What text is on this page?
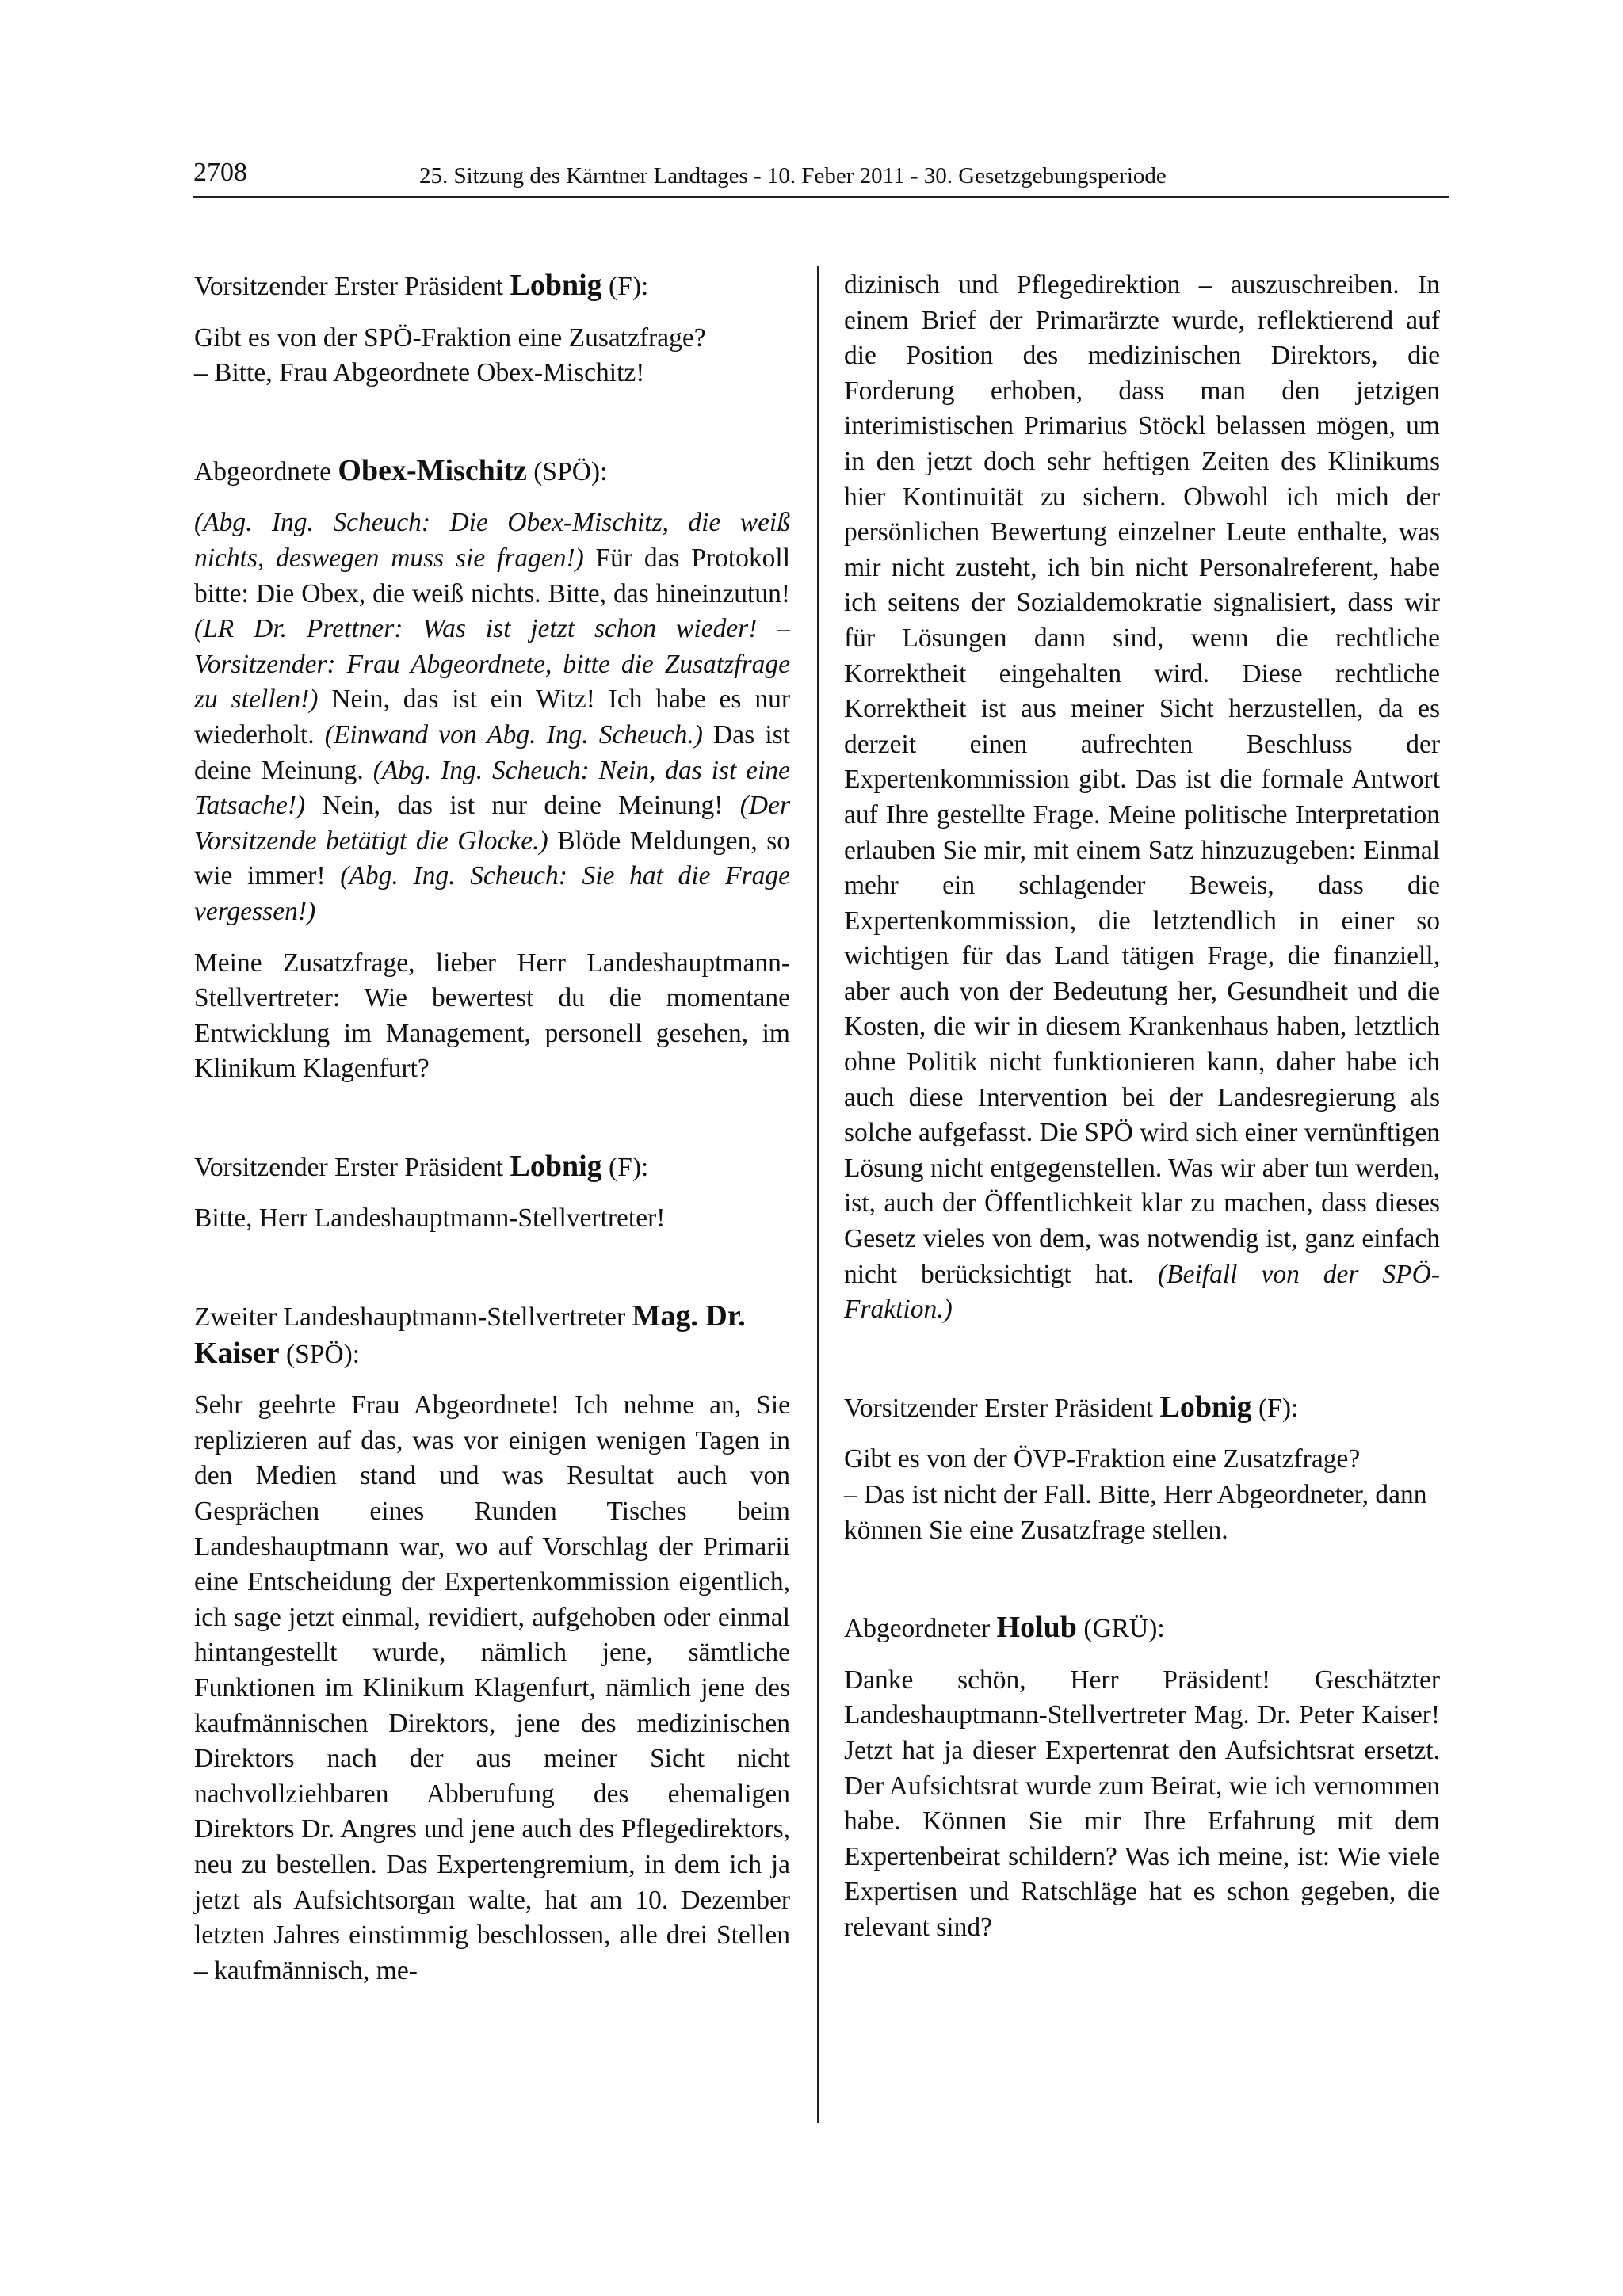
2708	25. Sitzung des Kärntner Landtages - 10. Feber 2011 - 30. Gesetzgebungsperiode

Vorsitzender Erster Präsident Lobnig (F):

Gibt es von der SPÖ-Fraktion eine Zusatzfrage?
– Bitte, Frau Abgeordnete Obex-Mischitz!

Abgeordnete Obex-Mischitz (SPÖ):

(Abg. Ing. Scheuch: Die Obex-Mischitz, die weiß nichts, deswegen muss sie fragen!) Für das Protokoll bitte: Die Obex, die weiß nichts. Bitte, das hineinzutun! (LR Dr. Prettner: Was ist jetzt schon wieder! – Vorsitzender: Frau Abgeordnete, bitte die Zusatzfrage zu stellen!) Nein, das ist ein Witz! Ich habe es nur wiederholt. (Einwand von Abg. Ing. Scheuch.) Das ist deine Meinung. (Abg. Ing. Scheuch: Nein, das ist eine Tatsache!) Nein, das ist nur deine Meinung! (Der Vorsitzende betätigt die Glocke.) Blöde Meldungen, so wie immer! (Abg. Ing. Scheuch: Sie hat die Frage vergessen!)

Meine Zusatzfrage, lieber Herr Landeshauptmann-Stellvertreter: Wie bewertest du die momentane Entwicklung im Management, personell gesehen, im Klinikum Klagenfurt?

Vorsitzender Erster Präsident Lobnig (F):

Bitte, Herr Landeshauptmann-Stellvertreter!

Zweiter Landeshauptmann-Stellvertreter Mag. Dr. Kaiser (SPÖ):

Sehr geehrte Frau Abgeordnete! Ich nehme an, Sie replizieren auf das, was vor einigen wenigen Tagen in den Medien stand und was Resultat auch von Gesprächen eines Runden Tisches beim Landeshauptmann war, wo auf Vorschlag der Primarii eine Entscheidung der Expertenkommission eigentlich, ich sage jetzt einmal, revidiert, aufgehoben oder einmal hintangestellt wurde, nämlich jene, sämtliche Funktionen im Klinikum Klagenfurt, nämlich jene des kaufmännischen Direktors, jene des medizinischen Direktors nach der aus meiner Sicht nicht nachvollziehbaren Abberufung des ehemaligen Direktors Dr. Angres und jene auch des Pflegedirektors, neu zu bestellen. Das Expertengremium, in dem ich ja jetzt als Aufsichtsorgan walte, hat am 10. Dezember letzten Jahres einstimmig beschlossen, alle drei Stellen – kaufmännisch, me-

dizinisch und Pflegedirektion – auszuschreiben. In einem Brief der Primarärzte wurde, reflektierend auf die Position des medizinischen Direktors, die Forderung erhoben, dass man den jetzigen interimistischen Primarius Stöckl belassen mögen, um in den jetzt doch sehr heftigen Zeiten des Klinikums hier Kontinuität zu sichern. Obwohl ich mich der persönlichen Bewertung einzelner Leute enthalte, was mir nicht zusteht, ich bin nicht Personalreferent, habe ich seitens der Sozialdemokratie signalisiert, dass wir für Lösungen dann sind, wenn die rechtliche Korrektheit eingehalten wird. Diese rechtliche Korrektheit ist aus meiner Sicht herzustellen, da es derzeit einen aufrechten Beschluss der Expertenkommission gibt. Das ist die formale Antwort auf Ihre gestellte Frage. Meine politische Interpretation erlauben Sie mir, mit einem Satz hinzuzugeben: Einmal mehr ein schlagender Beweis, dass die Expertenkommission, die letztendlich in einer so wichtigen für das Land tätigen Frage, die finanziell, aber auch von der Bedeutung her, Gesundheit und die Kosten, die wir in diesem Krankenhaus haben, letztlich ohne Politik nicht funktionieren kann, daher habe ich auch diese Intervention bei der Landesregierung als solche aufgefasst. Die SPÖ wird sich einer vernünftigen Lösung nicht entgegenstellen. Was wir aber tun werden, ist, auch der Öffentlichkeit klar zu machen, dass dieses Gesetz vieles von dem, was notwendig ist, ganz einfach nicht berücksichtigt hat. (Beifall von der SPÖ-Fraktion.)

Vorsitzender Erster Präsident Lobnig (F):

Gibt es von der ÖVP-Fraktion eine Zusatzfrage?
– Das ist nicht der Fall. Bitte, Herr Abgeordneter, dann können Sie eine Zusatzfrage stellen.

Abgeordneter Holub (GRÜ):

Danke schön, Herr Präsident! Geschätzter Landeshauptmann-Stellvertreter Mag. Dr. Peter Kaiser! Jetzt hat ja dieser Expertenrat den Aufsichtsrat ersetzt. Der Aufsichtsrat wurde zum Beirat, wie ich vernommen habe. Können Sie mir Ihre Erfahrung mit dem Expertenbeirat schildern? Was ich meine, ist: Wie viele Expertisen und Ratschläge hat es schon gegeben, die relevant sind?
